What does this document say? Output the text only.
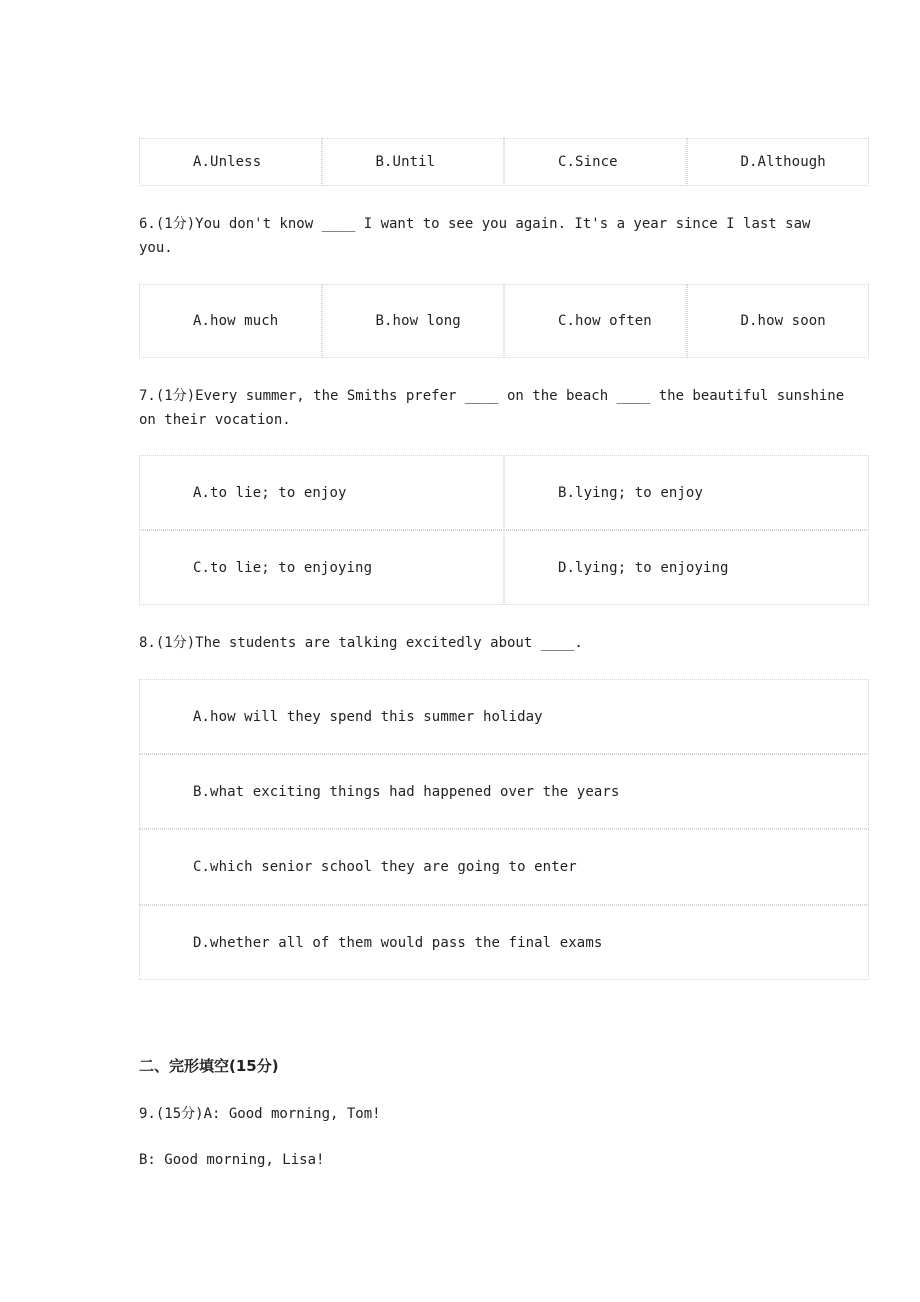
A.Unless	B.Until	C.Since	D.Although
6.(1分)You don't know ____ I want to see you again. It's a year since I last saw you.
A.how much	B.how long	C.how often	D.how soon
7.(1分)Every summer, the Smiths prefer ____ on the beach ____ the beautiful sunshine on their vocation.
A.to lie; to enjoy	B.lying; to enjoy
C.to lie; to enjoying	D.lying; to enjoying
8.(1分)The students are talking excitedly about ____.
A.how will they spend this summer holiday
B.what exciting things had happened over the years
C.which senior school they are going to enter
D.whether all of them would pass the final exams
二、完形填空(15分)
9.(15分)A: Good morning, Tom!
B: Good morning, Lisa!
